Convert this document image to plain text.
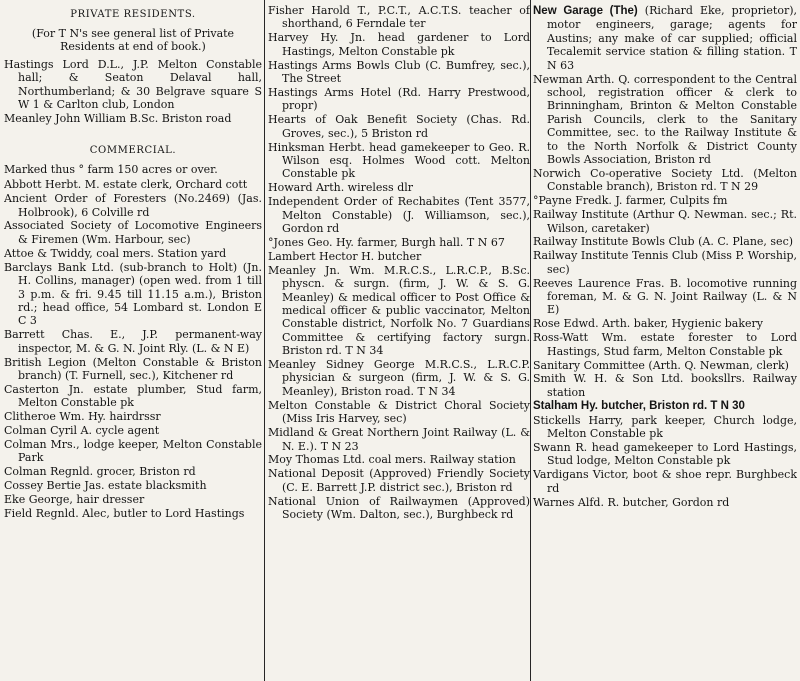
PRIVATE RESIDENTS.
(For T N's see general list of Private Residents at end of book.)
Hastings Lord D.L., J.P. Melton Constable hall; & Seaton Delaval hall, Northumberland; & 30 Belgrave square S W 1 & Carlton club, London
Meanley John William B.Sc. Briston road
COMMERCIAL.
Marked thus ° farm 150 acres or over.
Abbott Herbt. M. estate clerk, Orchard cott
Ancient Order of Foresters (No.2469) (Jas. Holbrook), 6 Colville rd
Associated Society of Locomotive Engineers & Firemen (Wm. Harbour, sec)
Attoe & Twiddy, coal mers. Station yard
Barclays Bank Ltd. (sub-branch to Holt) (Jn. H. Collins, manager) (open wed. from 1 till 3 p.m. & fri. 9.45 till 11.15 a.m.), Briston rd.; head office, 54 Lombard st. London E C 3
Barrett Chas. E., J.P. permanent-way inspector, M. & G. N. Joint Rly. (L. & N E)
British Legion (Melton Constable & Briston branch) (T. Furnell, sec.), Kitchener rd
Casterton Jn. estate plumber, Stud farm, Melton Constable pk
Clitheroe Wm. Hy. hairdrssr
Colman Cyril A. cycle agent
Colman Mrs., lodge keeper, Melton Constable Park
Colman Regnld. grocer, Briston rd
Cossey Bertie Jas. estate blacksmith
Eke George, hair dresser
Field Regnld. Alec, butler to Lord Hastings
Fisher Harold T., P.C.T., A.C.T.S. teacher of shorthand, 6 Ferndale ter
Harvey Hy. Jn. head gardener to Lord Hastings, Melton Constable pk
Hastings Arms Bowls Club (C. Bumfrey, sec.), The Street
Hastings Arms Hotel (Rd. Harry Prestwood, propr)
Hearts of Oak Benefit Society (Chas. Rd. Groves, sec.), 5 Briston rd
Hinksman Herbt. head gamekeeper to Geo. R. Wilson esq. Holmes Wood cott. Melton Constable pk
Howard Arth. wireless dlr
Independent Order of Rechabites (Tent 3577, Melton Constable) (J. Williamson, sec.), Gordon rd
°Jones Geo. Hy. farmer, Burgh hall. T N 67
Lambert Hector H. butcher
Meanley Jn. Wm. M.R.C.S., L.R.C.P., B.Sc. physcn. & surgn. (firm, J. W. & S. G. Meanley) & medical officer to Post Office & medical officer & public vaccinator, Melton Constable district, Norfolk No. 7 Guardians Committee & certifying factory surgn. Briston rd. T N 34
Meanley Sidney George M.R.C.S., L.R.C.P. physician & surgeon (firm, J. W. & S. G. Meanley), Briston road. T N 34
Melton Constable & District Choral Society (Miss Iris Harvey, sec)
Midland & Great Northern Joint Railway (L. & N. E.). T N 23
Moy Thomas Ltd. coal mers. Railway station
National Deposit (Approved) Friendly Society (C. E. Barrett J.P. district sec.), Briston rd
National Union of Railwaymen (Approved) Society (Wm. Dalton, sec.), Burghbeck rd
New Garage (The) (Richard Eke, proprietor), motor engineers, garage; agents for Austins; any make of car supplied; official Tecalemit service station & filling station. T N 63
Newman Arth. Q. correspondent to the Central school, registration officer & clerk to Brinningham, Brinton & Melton Constable Parish Councils, clerk to the Sanitary Committee, sec. to the Railway Institute & to the North Norfolk & District County Bowls Association, Briston rd
Norwich Co-operative Society Ltd. (Melton Constable branch), Briston rd. T N 29
°Payne Fredk. J. farmer, Culpits fm
Railway Institute (Arthur Q. Newman. sec.; Rt. Wilson, caretaker)
Railway Institute Bowls Club (A. C. Plane, sec)
Railway Institute Tennis Club (Miss P. Worship, sec)
Reeves Laurence Fras. B. locomotive running foreman, M. & G. N. Joint Railway (L. & N E)
Rose Edwd. Arth. baker, Hygienic bakery
Ross-Watt Wm. estate forester to Lord Hastings, Stud farm, Melton Constable pk
Sanitary Committee (Arth. Q. Newman, clerk)
Smith W. H. & Son Ltd. booksllrs. Railway station
Stalham Hy. butcher, Briston rd. T N 30
Stickells Harry, park keeper, Church lodge, Melton Constable pk
Swann R. head gamekeeper to Lord Hastings, Stud lodge, Melton Constable pk
Vardigans Victor, boot & shoe repr. Burghbeck rd
Warnes Alfd. R. butcher, Gordon rd
